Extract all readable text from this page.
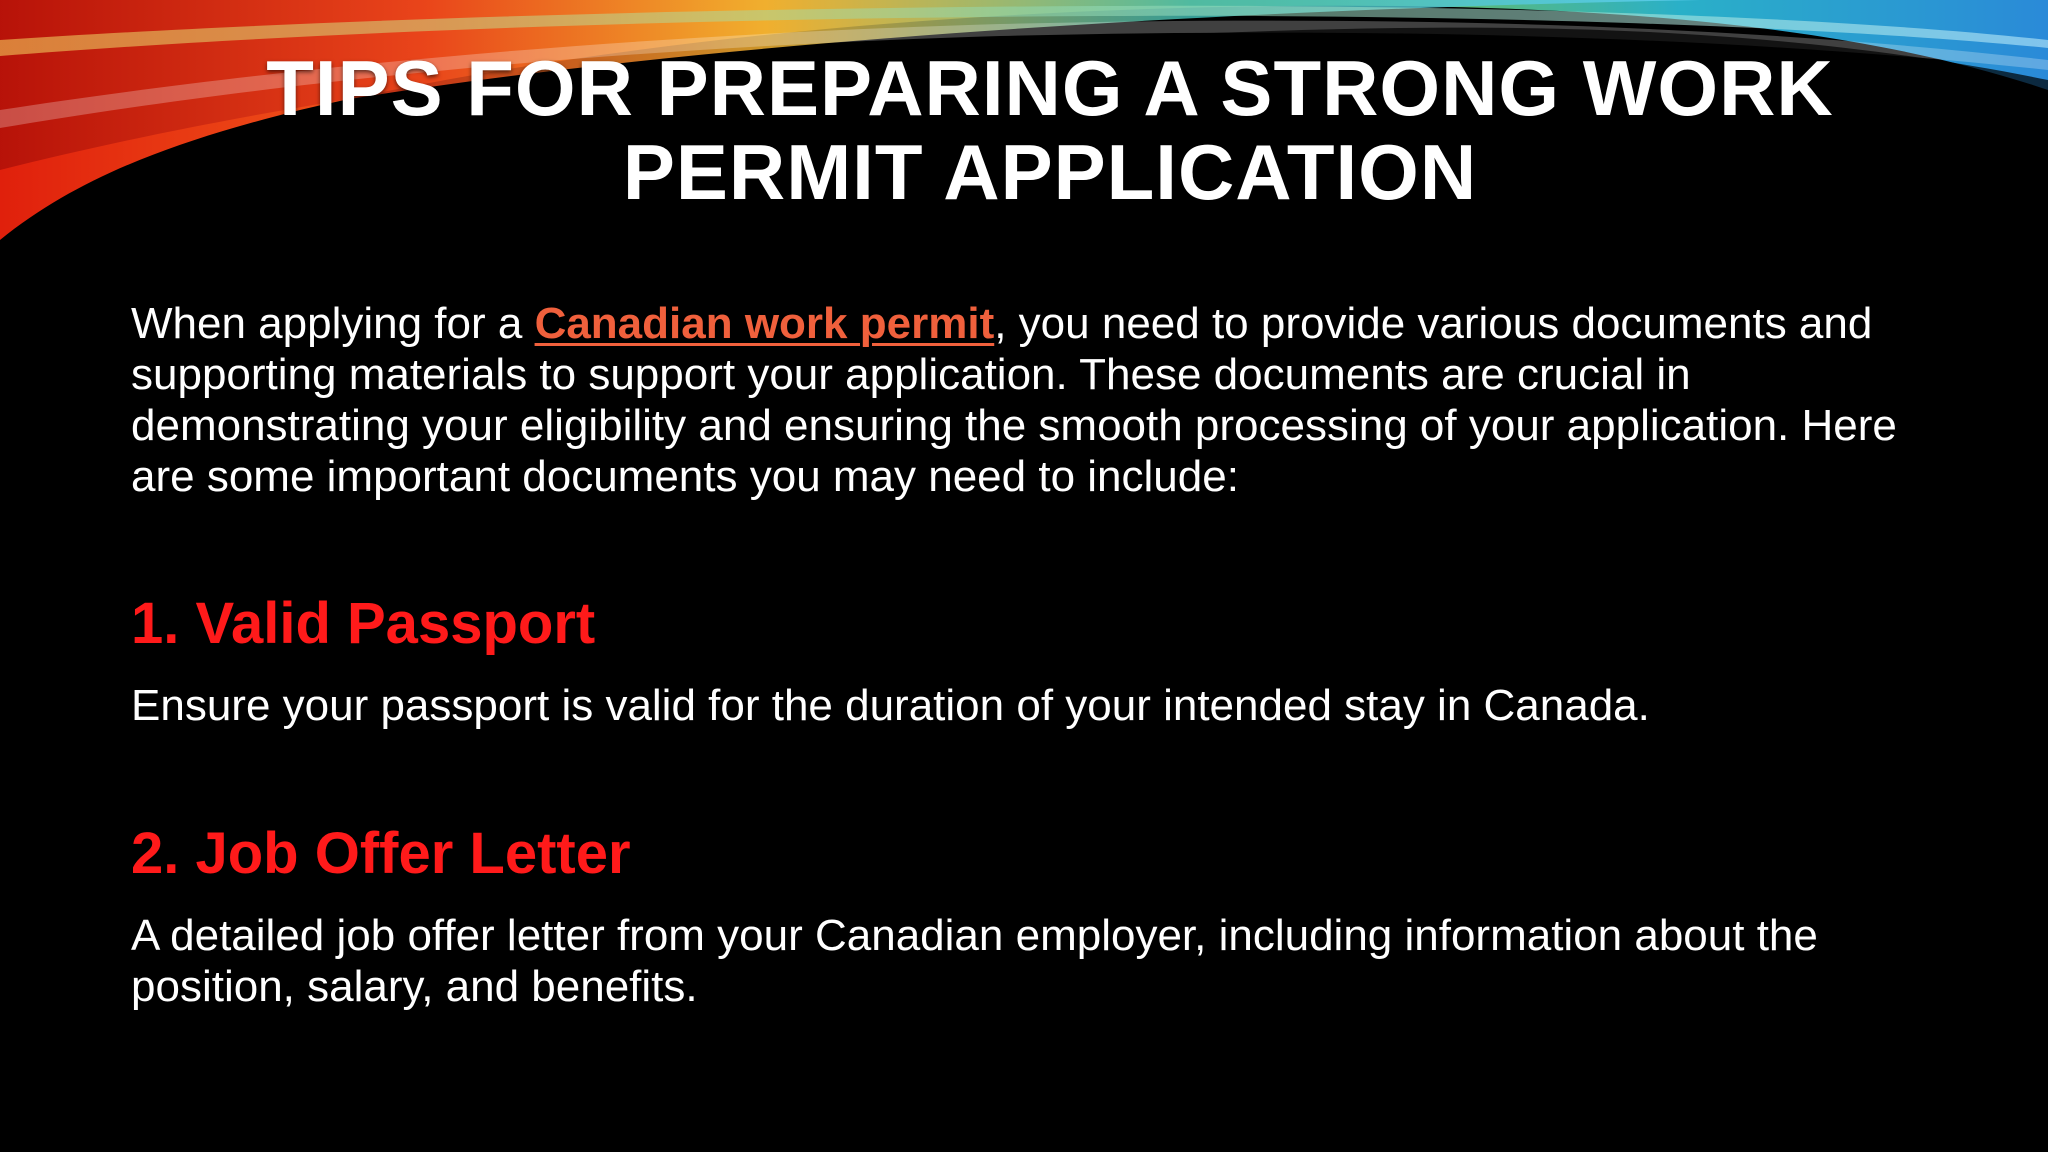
TIPS FOR PREPARING A STRONG WORK PERMIT APPLICATION

When applying for a Canadian work permit, you need to provide various documents and supporting materials to support your application. These documents are crucial in demonstrating your eligibility and ensuring the smooth processing of your application. Here are some important documents you may need to include:

1. Valid Passport

Ensure your passport is valid for the duration of your intended stay in Canada.

2. Job Offer Letter

A detailed job offer letter from your Canadian employer, including information about the position, salary, and benefits.
